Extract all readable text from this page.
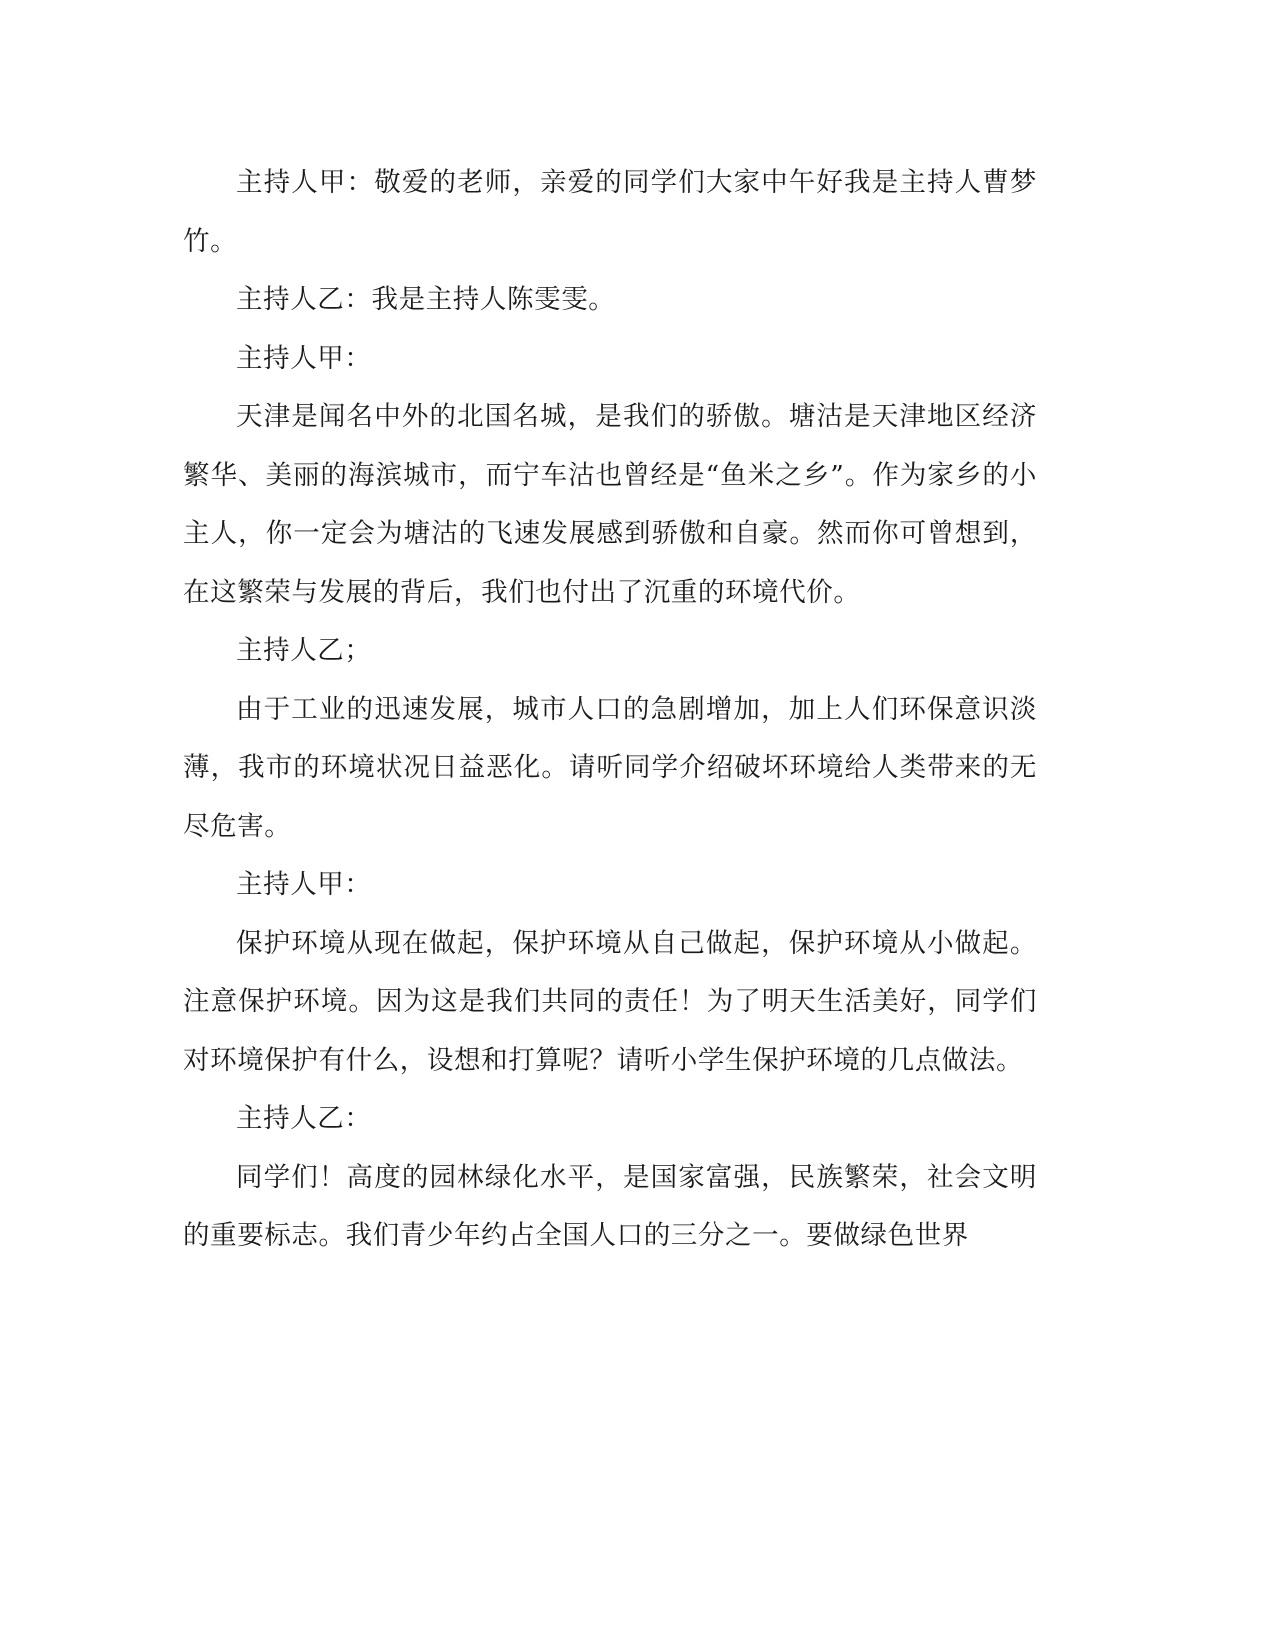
主持人甲：敬爱的老师，亲爱的同学们大家中午好我是主持人曹梦竹。

主持人乙：我是主持人陈雯雯。

主持人甲：

天津是闻名中外的北国名城，是我们的骄傲。塘沽是天津地区经济繁华、美丽的海滨城市，而宁车沽也曾经是“鱼米之乡”。作为家乡的小主人，你一定会为塘沽的飞速发展感到骄傲和自豪。然而你可曾想到，在这繁荣与发展的背后，我们也付出了沉重的环境代价。

主持人乙；

由于工业的迅速发展，城市人口的急剧增加，加上人们环保意识淡薄，我市的环境状况日益恶化。请听同学介绍破坏环境给人类带来的无尽危害。

主持人甲：

保护环境从现在做起，保护环境从自己做起，保护环境从小做起。注意保护环境。因为这是我们共同的责任！为了明天生活美好，同学们对环境保护有什么，设想和打算呢？请听小学生保护环境的几点做法。

主持人乙：

同学们！高度的园林绿化水平，是国家富强，民族繁荣，社会文明的重要标志。我们青少年约占全国人口的三分之一。要做绿色世界
